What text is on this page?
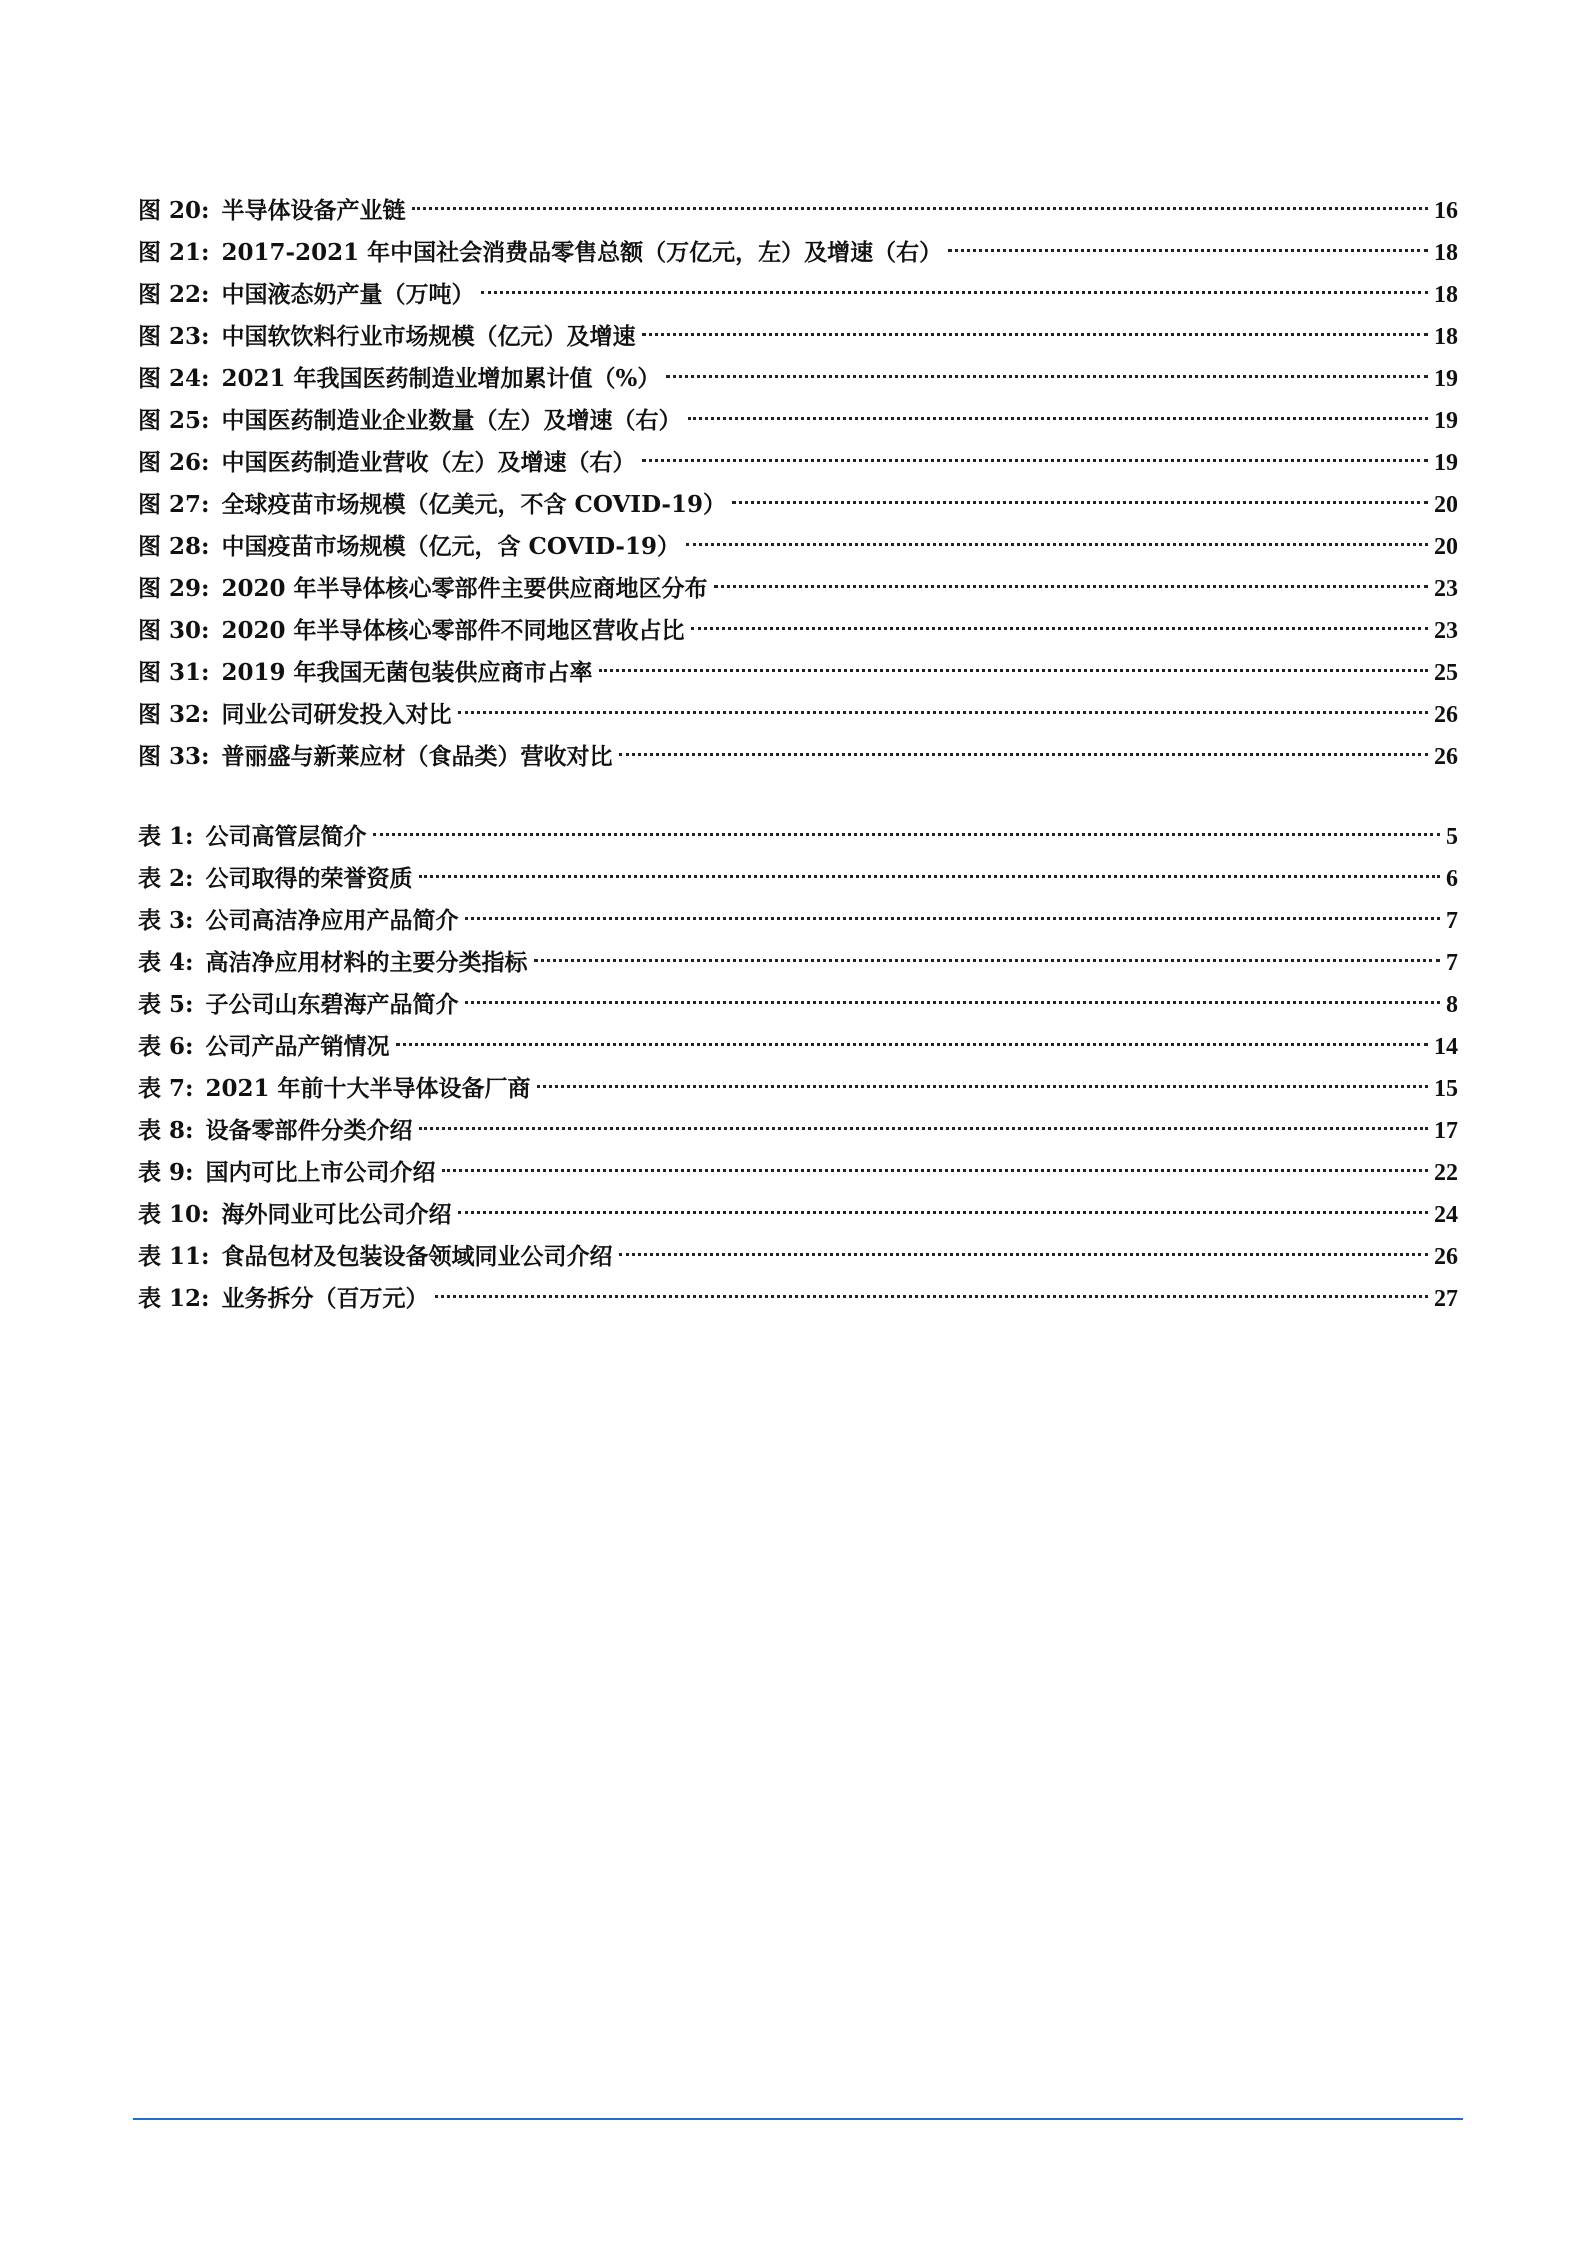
图 20: 半导体设备产业链	16
图 21: 2017-2021 年中国社会消费品零售总额（万亿元，左）及增速（右）	18
图 22: 中国液态奶产量（万吨）	18
图 23: 中国软饮料行业市场规模（亿元）及增速	18
图 24: 2021 年我国医药制造业增加累计值（%）	19
图 25: 中国医药制造业企业数量（左）及增速（右）	19
图 26: 中国医药制造业营收（左）及增速（右）	19
图 27: 全球疫苗市场规模（亿美元，不含 COVID-19）	20
图 28: 中国疫苗市场规模（亿元，含 COVID-19）	20
图 29: 2020 年半导体核心零部件主要供应商地区分布	23
图 30: 2020 年半导体核心零部件不同地区营收占比	23
图 31: 2019 年我国无菌包装供应商市占率	25
图 32: 同业公司研发投入对比	26
图 33: 普丽盛与新莱应材（食品类）营收对比	26
表 1: 公司高管层简介	5
表 2: 公司取得的荣誉资质	6
表 3: 公司高洁净应用产品简介	7
表 4: 高洁净应用材料的主要分类指标	7
表 5: 子公司山东碧海产品简介	8
表 6: 公司产品产销情况	14
表 7: 2021 年前十大半导体设备厂商	15
表 8: 设备零部件分类介绍	17
表 9: 国内可比上市公司介绍	22
表 10: 海外同业可比公司介绍	24
表 11: 食品包材及包装设备领域同业公司介绍	26
表 12: 业务拆分（百万元）	27
